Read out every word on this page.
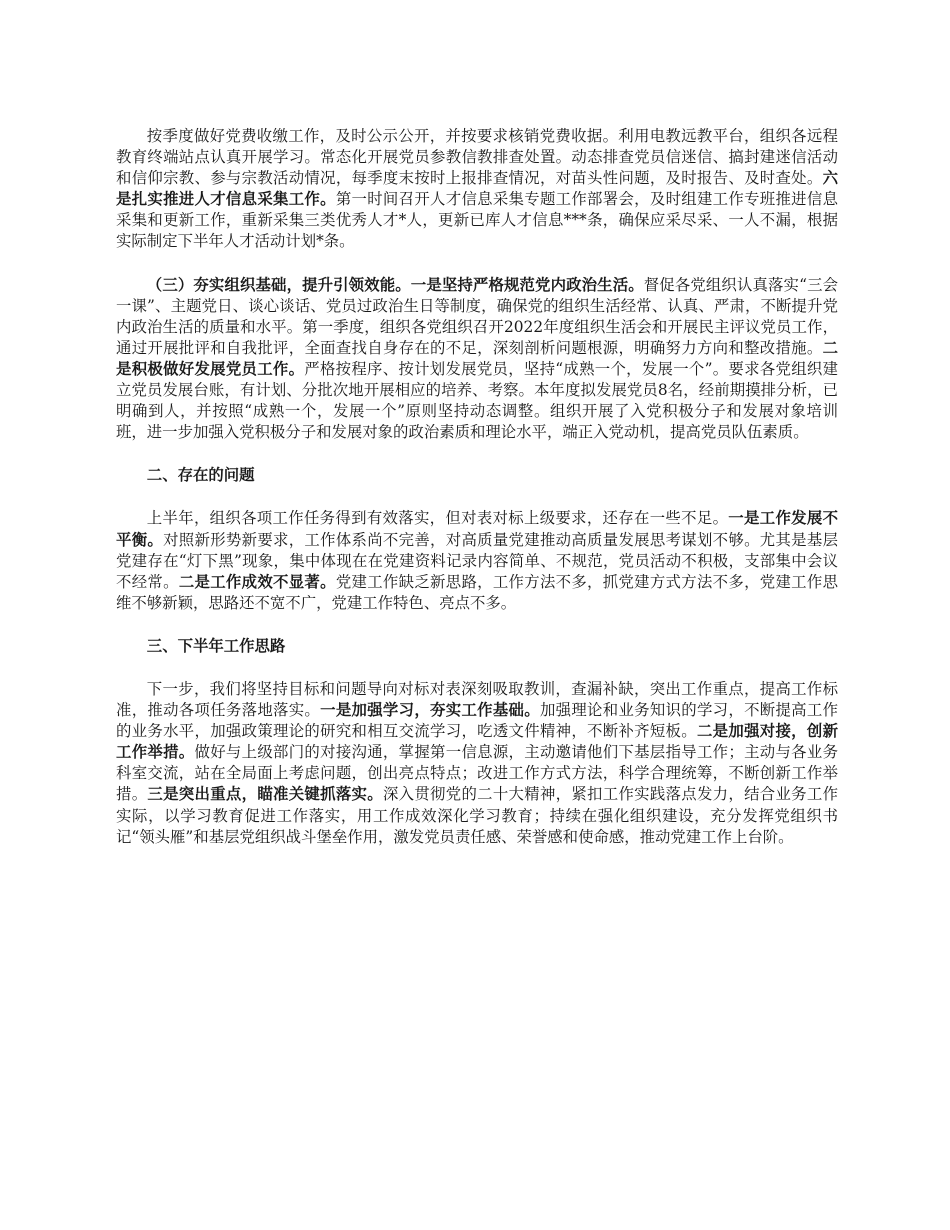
按季度做好党费收缴工作，及时公示公开，并按要求核销党费收据。利用电教远教平台，组织各远程教育终端站点认真开展学习。常态化开展党员参教信教排查处置。动态排查党员信迷信、搞封建迷信活动和信仰宗教、参与宗教活动情况，每季度末按时上报排查情况，对苗头性问题，及时报告、及时查处。六是扎实推进人才信息采集工作。第一时间召开人才信息采集专题工作部署会，及时组建工作专班推进信息采集和更新工作，重新采集三类优秀人才*人，更新已库人才信息***条，确保应采尽采、一人不漏，根据实际制定下半年人才活动计划*条。

（三）夯实组织基础，提升引领效能。一是坚持严格规范党内政治生活。督促各党组织认真落实“三会一课”、主题党日、谈心谈话、党员过政治生日等制度，确保党的组织生活经常、认真、严肃，不断提升党内政治生活的质量和水平。第一季度，组织各党组织召开2022年度组织生活会和开展民主评议党员工作，通过开展批评和自我批评，全面查找自身存在的不足，深刻剖析问题根源，明确努力方向和整改措施。二是积极做好发展党员工作。严格按程序、按计划发展党员，坚持“成熟一个，发展一个”。要求各党组织建立党员发展台账，有计划、分批次地开展相应的培养、考察。本年度拟发展党员8名，经前期摸排分析，已明确到人，并按照“成熟一个，发展一个”原则坚持动态调整。组织开展了入党积极分子和发展对象培训班，进一步加强入党积极分子和发展对象的政治素质和理论水平，端正入党动机，提高党员队伍素质。

二、存在的问题

上半年，组织各项工作任务得到有效落实，但对表对标上级要求，还存在一些不足。一是工作发展不平衡。对照新形势新要求，工作体系尚不完善，对高质量党建推动高质量发展思考谋划不够。尤其是基层党建存在“灯下黑”现象，集中体现在在党建资料记录内容简单、不规范，党员活动不积极，支部集中会议不经常。二是工作成效不显著。党建工作缺乏新思路，工作方法不多，抓党建方式方法不多，党建工作思维不够新颖，思路还不宽不广，党建工作特色、亮点不多。

三、下半年工作思路

下一步，我们将坚持目标和问题导向对标对表深刻吸取教训，查漏补缺，突出工作重点，提高工作标准，推动各项任务落地落实。一是加强学习，夯实工作基础。加强理论和业务知识的学习，不断提高工作的业务水平，加强政策理论的研究和相互交流学习，吃透文件精神，不断补齐短板。二是加强对接，创新工作举措。做好与上级部门的对接沟通，掌握第一信息源，主动邀请他们下基层指导工作；主动与各业务科室交流，站在全局面上考虑问题，创出亮点特点；改进工作方式方法，科学合理统筹，不断创新工作举措。三是突出重点，瞄准关键抓落实。深入贯彻党的二十大精神，紧扣工作实践落点发力，结合业务工作实际，以学习教育促进工作落实，用工作成效深化学习教育；持续在强化组织建设，充分发挥党组织书记“领头雁”和基层党组织战斗堡垒作用，激发党员责任感、荣誉感和使命感，推动党建工作上台阶。
